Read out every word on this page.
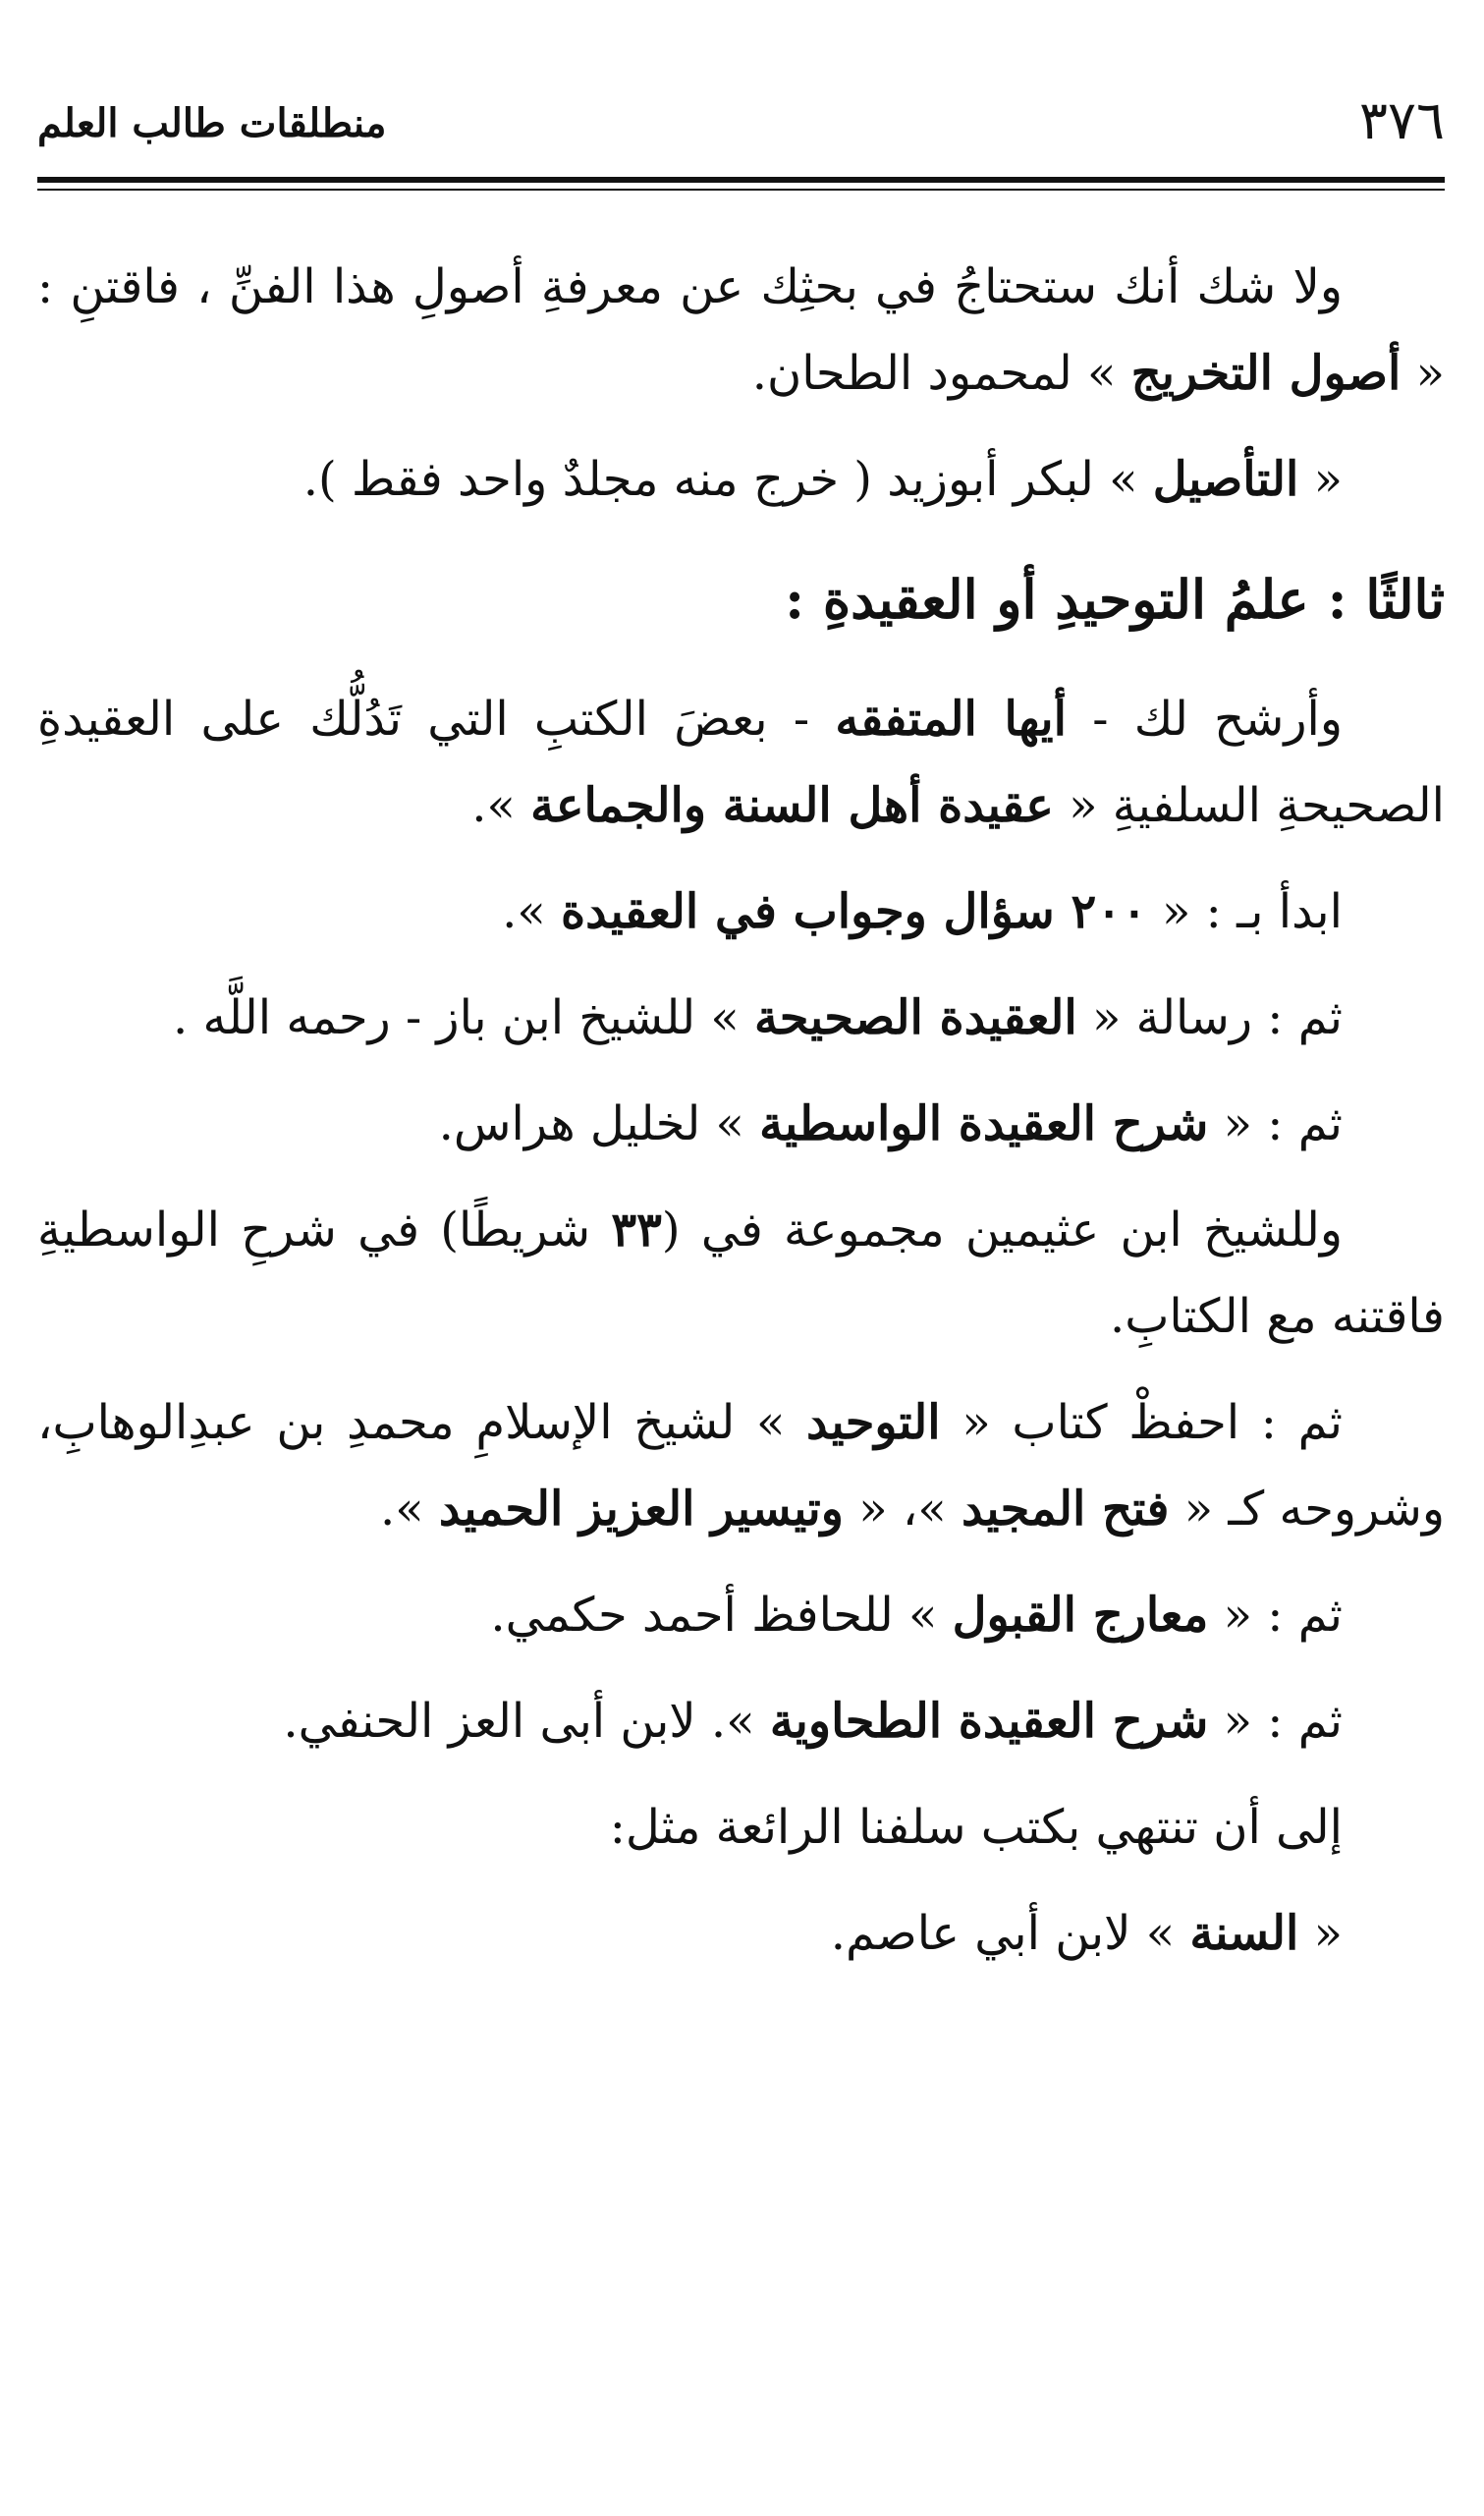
٣٧٦
منطلقات طالب العلم

ولا شك أنك ستحتاجُ في بحثِك عن معرفةِ أصولِ هذا الفنِّ ، فاقتنِ : « أصول التخريج » لمحمود الطحان.

« التأصيل » لبكر أبوزيد ( خرج منه مجلدٌ واحد فقط ).

ثالثًا : علمُ التوحيدِ أو العقيدةِ :

وأرشح لك - أيها المتفقه - بعضَ الكتبِ التي تَدُلُّك على العقيدةِ الصحيحةِ السلفيةِ « عقيدة أهل السنة والجماعة ».

ابدأ بـ : « ٢٠٠ سؤال وجواب في العقيدة ».

ثم : رسالة « العقيدة الصحيحة » للشيخ ابن باز - رحمه اللَّه .

ثم : « شرح العقيدة الواسطية » لخليل هراس.

وللشيخ ابن عثيمين مجموعة في (٣٣ شريطًا) في شرحِ الواسطيةِ فاقتنه مع الكتابِ.

ثم : احفظْ كتاب « التوحيد » لشيخ الإسلامِ محمدِ بن عبدِالوهابِ، وشروحه كـ « فتح المجيد »، « وتيسير العزيز الحميد ».

ثم : « معارج القبول » للحافظ أحمد حكمي.

ثم : « شرح العقيدة الطحاوية ». لابن أبى العز الحنفي.

إلى أن تنتهي بكتب سلفنا الرائعة مثل:

« السنة » لابن أبي عاصم.
